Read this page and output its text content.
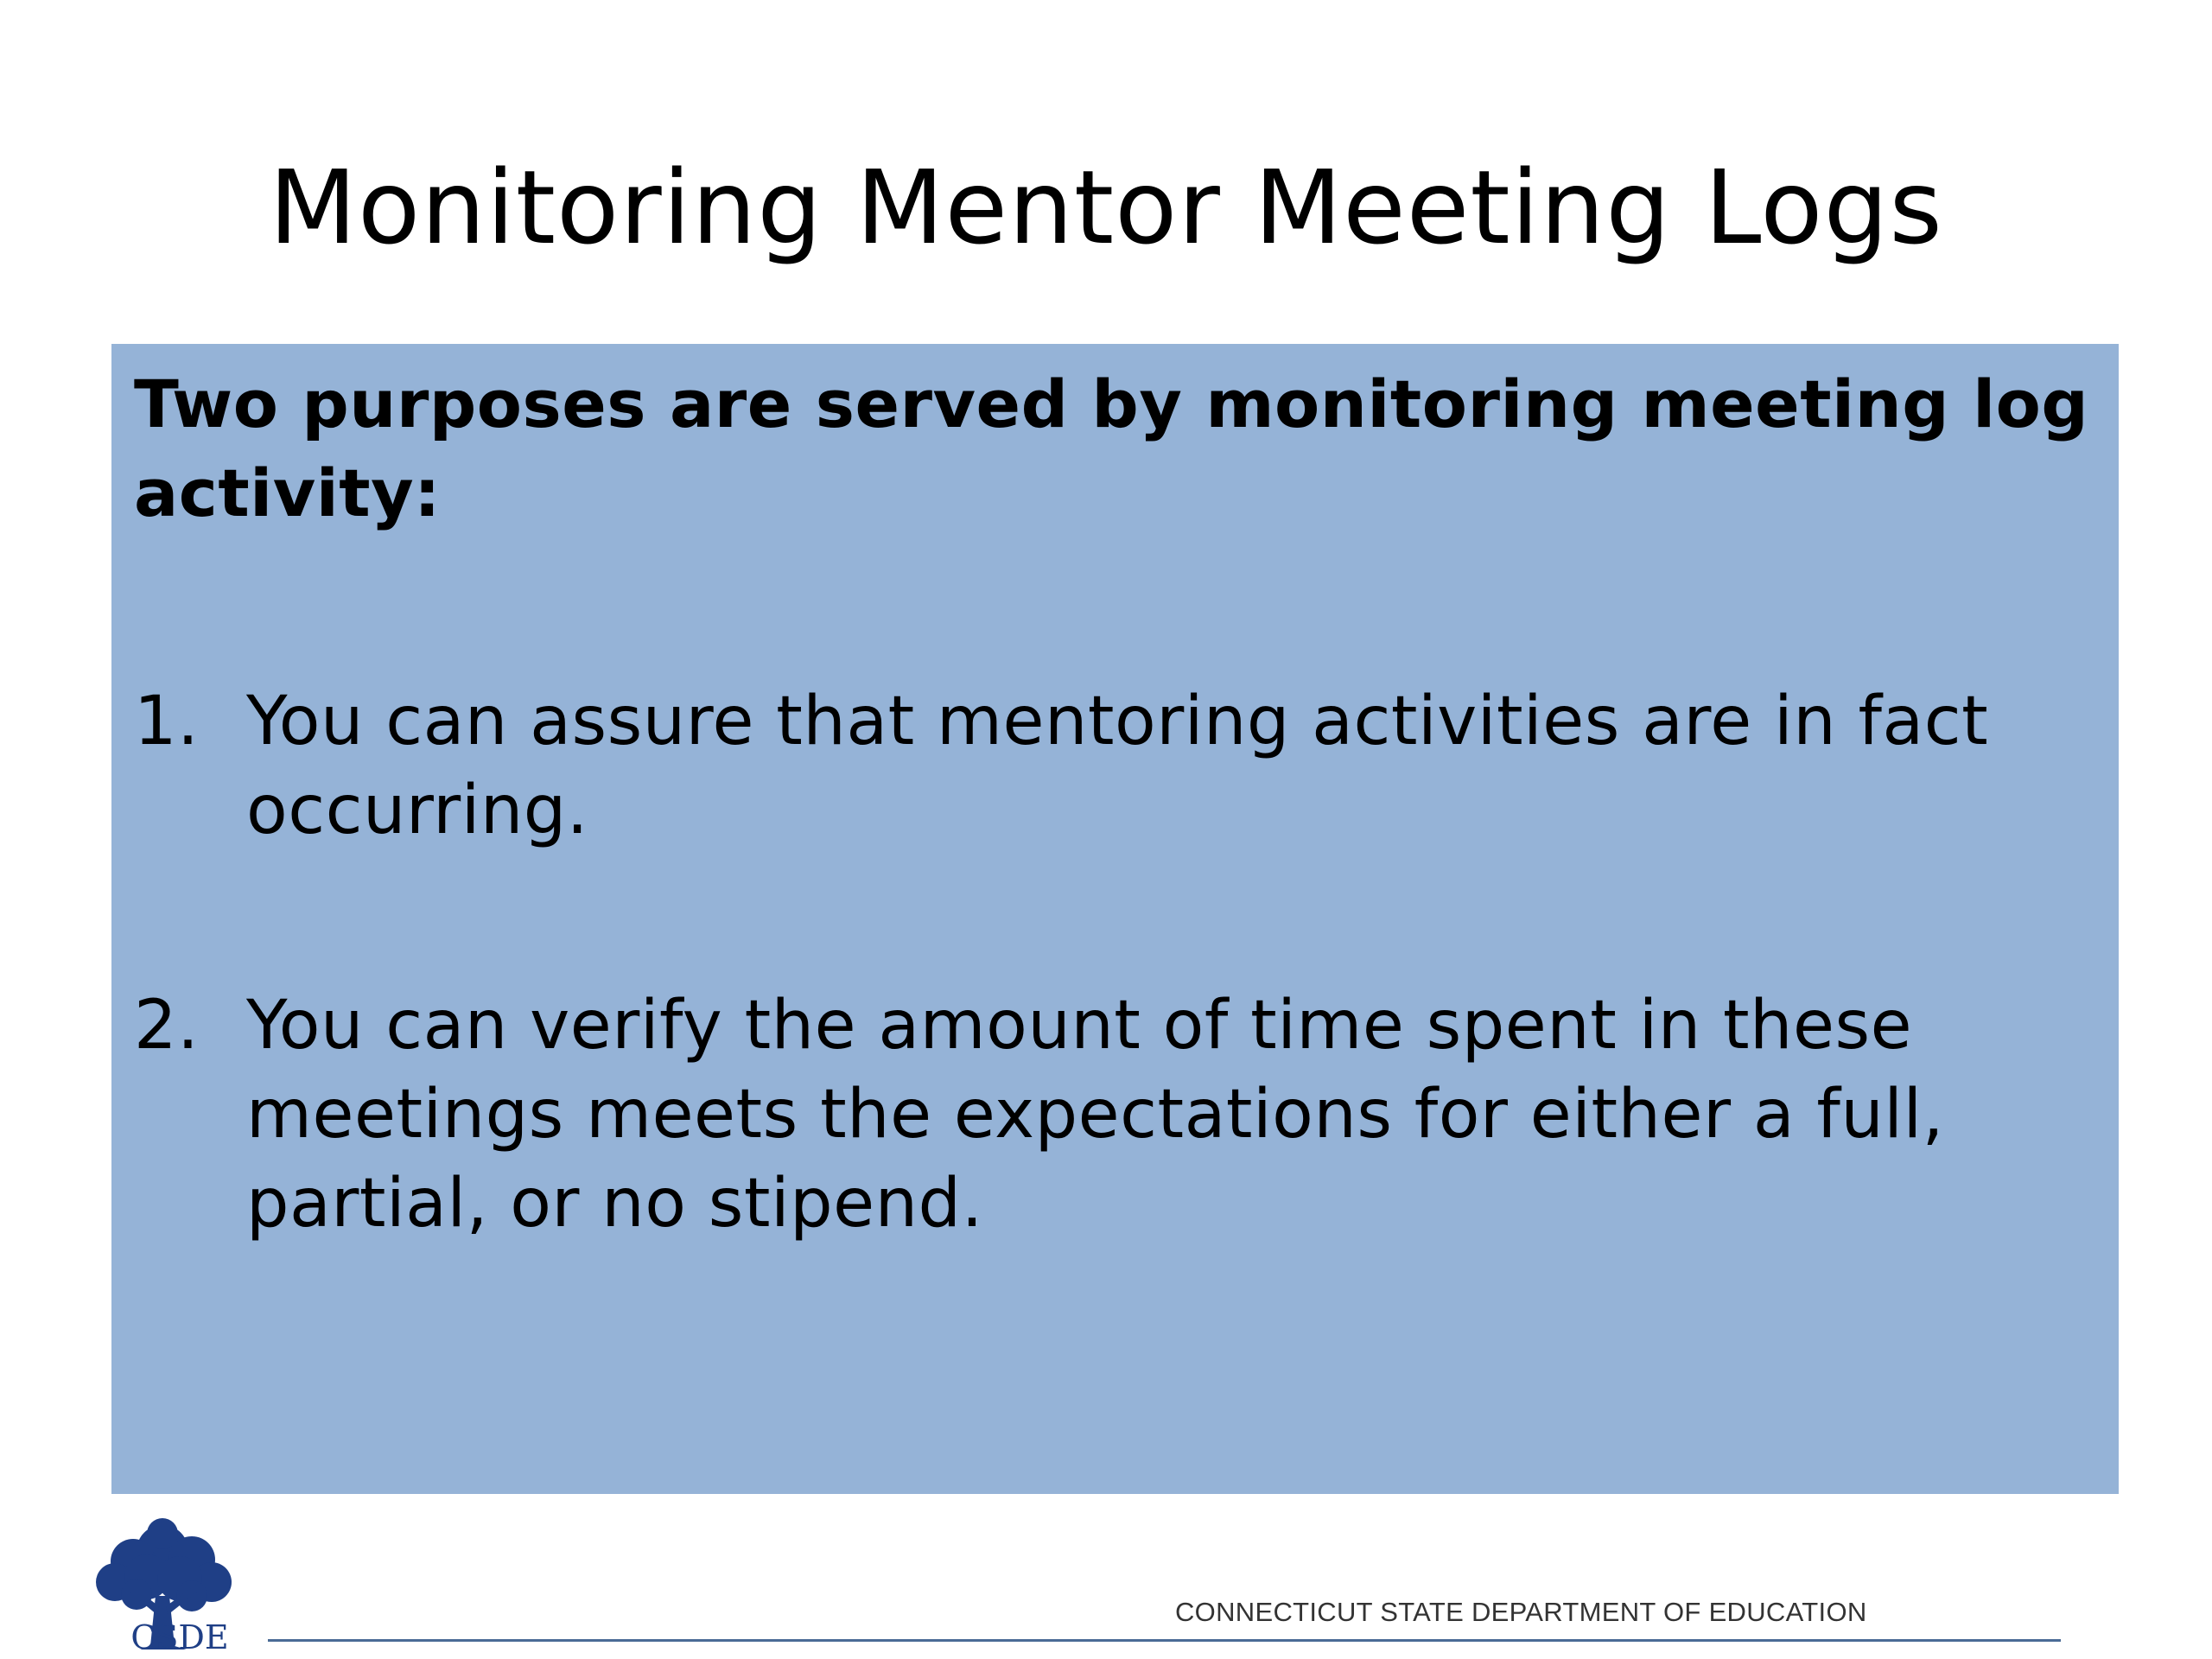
Monitoring Mentor Meeting Logs

Two purposes are served by monitoring meeting log activity:

1. You can assure that mentoring activities are in fact occurring.
2. You can verify the amount of time spent in these meetings meets the expectations for either a full, partial, or no stipend.
CSDE
CONNECTICUT STATE DEPARTMENT OF EDUCATION
